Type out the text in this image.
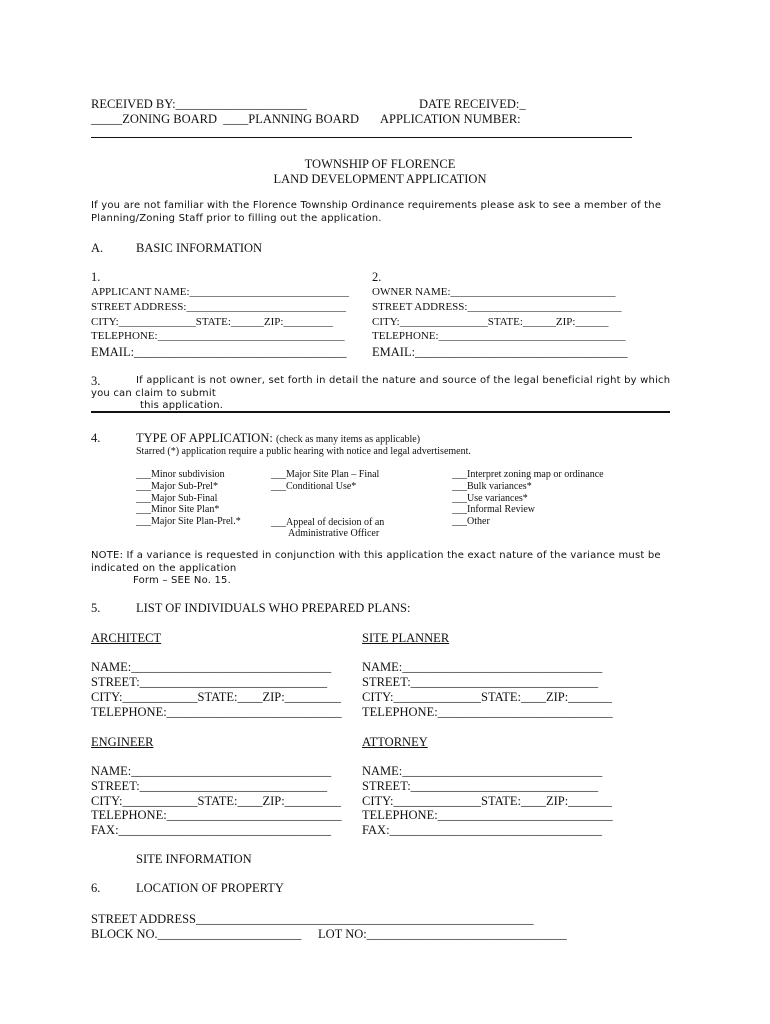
RECEIVED BY:_____________________	DATE RECEIVED:_
_____ZONING BOARD  ____PLANNING BOARD APPLICATION NUMBER:
TOWNSHIP OF FLORENCE
LAND DEVELOPMENT APPLICATION
If you are not familiar with the Florence Township Ordinance requirements please ask to see a member of the
Planning/Zoning Staff prior to filling out the application.
A.	BASIC INFORMATION
1.
APPLICANT NAME:_____________________________
STREET ADDRESS:_____________________________
CITY:______________STATE:______ZIP:_________
TELEPHONE:__________________________________
EMAIL:__________________________________
2.
OWNER NAME:______________________________
STREET ADDRESS:____________________________
CITY:________________STATE:______ZIP:______
TELEPHONE:__________________________________
EMAIL:__________________________________
3.	If applicant is not owner, set forth in detail the nature and source of the legal beneficial right by which
you can claim to submit
this application.
4.	TYPE OF APPLICATION: (check as many items as applicable)
Starred (*) application require a public hearing with notice and legal advertisement.
___Minor subdivision
___Major Sub-Prel*
___Major Sub-Final
___Minor Site Plan*
___Major Site Plan-Prel.*
___Major Site Plan – Final
___Conditional Use*
___Appeal of decision of an
Administrative Officer
___Interpret zoning map or ordinance
___Bulk variances*
___Use variances*
___Informal Review
___Other
NOTE: If a variance is requested in conjunction with this application the exact nature of the variance must be
indicated on the application
Form – SEE No. 15.
5.	LIST OF INDIVIDUALS WHO PREPARED PLANS:
ARCHITECT
NAME:________________________________
STREET:______________________________
CITY:____________STATE:____ZIP:_________
TELEPHONE:____________________________
SITE PLANNER
NAME:________________________________
STREET:______________________________
CITY:______________STATE:____ZIP:_______
TELEPHONE:____________________________
ENGINEER
NAME:________________________________
STREET:______________________________
CITY:____________STATE:____ZIP:_________
TELEPHONE:____________________________
FAX:__________________________________
ATTORNEY
NAME:________________________________
STREET:______________________________
CITY:______________STATE:____ZIP:_______
TELEPHONE:____________________________
FAX:__________________________________
SITE INFORMATION
6.	LOCATION OF PROPERTY
STREET ADDRESS______________________________________________________
BLOCK NO._______________________ LOT NO:________________________________
